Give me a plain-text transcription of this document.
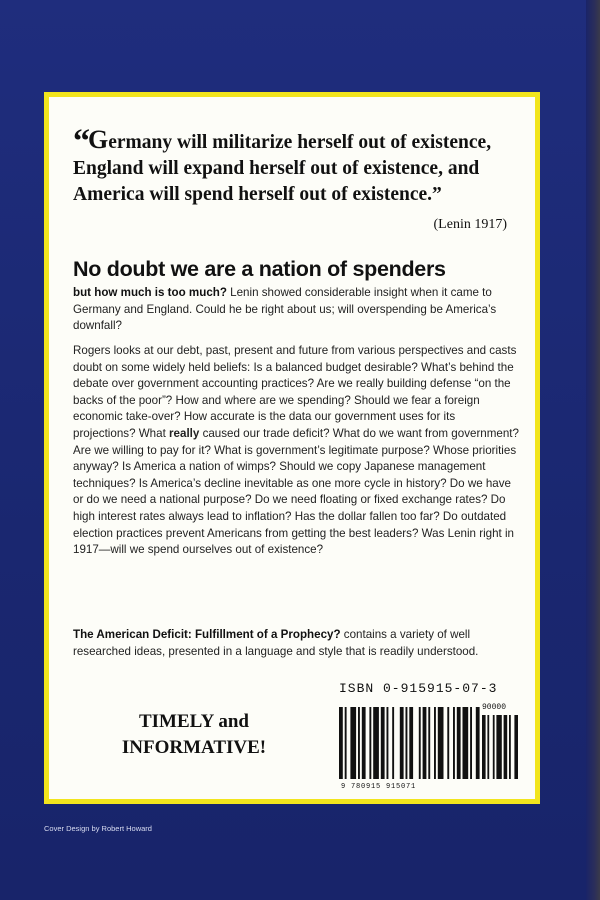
“Germany will militarize herself out of existence, England will expand herself out of existence, and America will spend herself out of existence.”
(Lenin 1917)
No doubt we are a nation of spenders
but how much is too much? Lenin showed considerable insight when it came to Germany and England. Could he be right about us; will overspending be America’s downfall?
Rogers looks at our debt, past, present and future from various perspectives and casts doubt on some widely held beliefs: Is a balanced budget desirable? What’s behind the debate over government accounting practices? Are we really building defense “on the backs of the poor”? How and where are we spending? Should we fear a foreign economic take-over? How accurate is the data our government uses for its projections? What really caused our trade deficit? What do we want from government? Are we willing to pay for it? What is government’s legitimate purpose? Whose priorities anyway? Is America a nation of wimps? Should we copy Japanese management techniques? Is America’s decline inevitable as one more cycle in history? Do we have or do we need a national purpose? Do we need floating or fixed exchange rates? Do high interest rates always lead to inflation? Has the dollar fallen too far? Do outdated election practices prevent Americans from getting the best leaders? Was Lenin right in 1917—will we spend ourselves out of existence?
The American Deficit: Fulfillment of a Prophecy? contains a variety of well researched ideas, presented in a language and style that is readily understood.
ISBN 0-915915-07-3
TIMELY and
INFORMATIVE!
90000
9 780915 915071
Cover Design by Robert Howard
